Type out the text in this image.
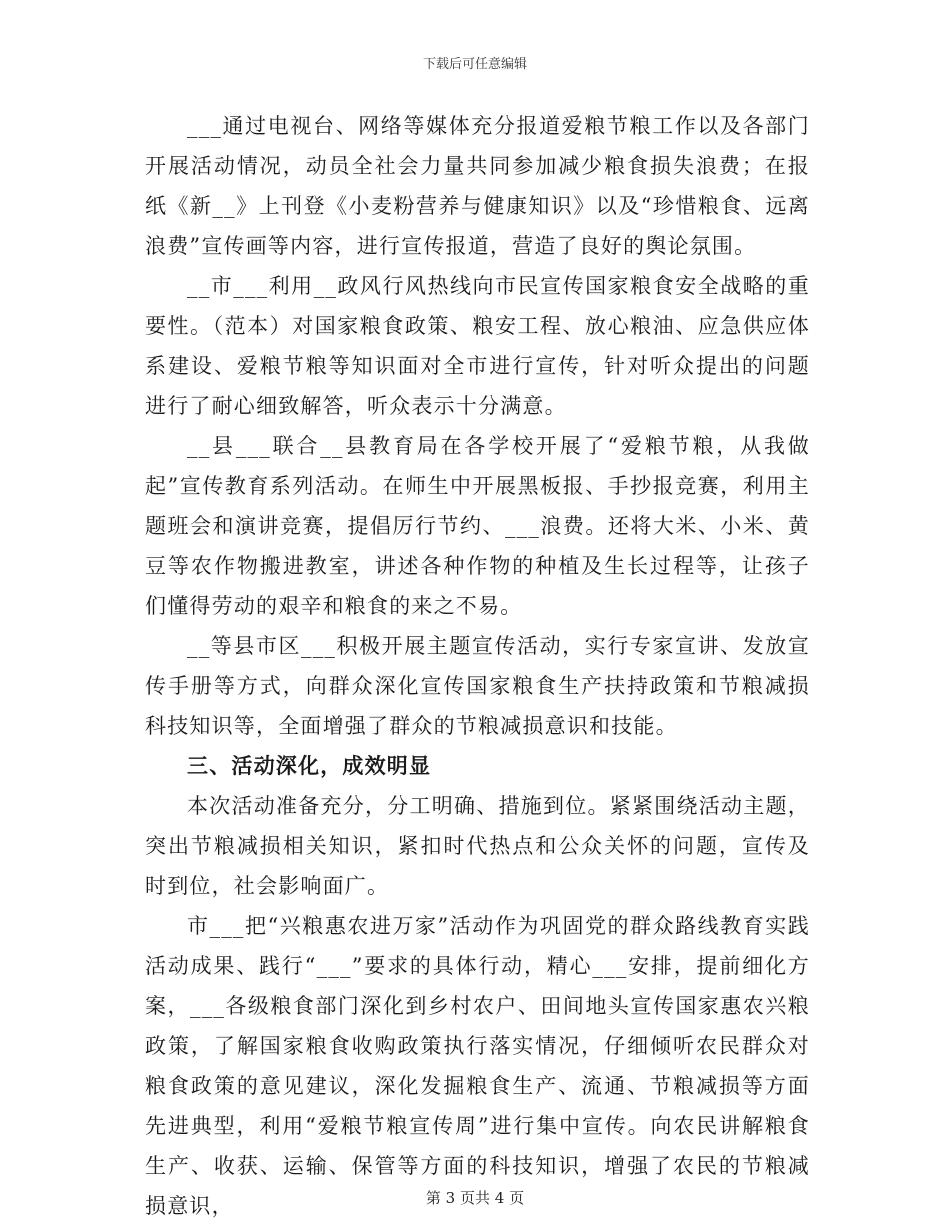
下载后可任意编辑

___通过电视台、网络等媒体充分报道爱粮节粮工作以及各部门开展活动情况，动员全社会力量共同参加减少粮食损失浪费；在报纸《新__》上刊登《小麦粉营养与健康知识》以及“珍惜粮食、远离浪费”宣传画等内容，进行宣传报道，营造了良好的舆论氛围。

__市___利用__政风行风热线向市民宣传国家粮食安全战略的重要性。（范本）对国家粮食政策、粮安工程、放心粮油、应急供应体系建设、爱粮节粮等知识面对全市进行宣传，针对听众提出的问题进行了耐心细致解答，听众表示十分满意。

__县___联合__县教育局在各学校开展了“爱粮节粮，从我做起”宣传教育系列活动。在师生中开展黑板报、手抄报竞赛，利用主题班会和演讲竞赛，提倡厉行节约、___浪费。还将大米、小米、黄豆等农作物搬进教室，讲述各种作物的种植及生长过程等，让孩子们懂得劳动的艰辛和粮食的来之不易。

__等县市区___积极开展主题宣传活动，实行专家宣讲、发放宣传手册等方式，向群众深化宣传国家粮食生产扶持政策和节粮减损科技知识等，全面增强了群众的节粮减损意识和技能。

三、活动深化，成效明显

本次活动准备充分，分工明确、措施到位。紧紧围绕活动主题，突出节粮减损相关知识，紧扣时代热点和公众关怀的问题，宣传及时到位，社会影响面广。

市___把“兴粮惠农进万家”活动作为巩固党的群众路线教育实践活动成果、践行“___”要求的具体行动，精心___安排，提前细化方案，___各级粮食部门深化到乡村农户、田间地头宣传国家惠农兴粮政策，了解国家粮食收购政策执行落实情况，仔细倾听农民群众对粮食政策的意见建议，深化发掘粮食生产、流通、节粮减损等方面先进典型，利用“爱粮节粮宣传周”进行集中宣传。向农民讲解粮食生产、收获、运输、保管等方面的科技知识，增强了农民的节粮减损意识，	第 3 页共 4 页
